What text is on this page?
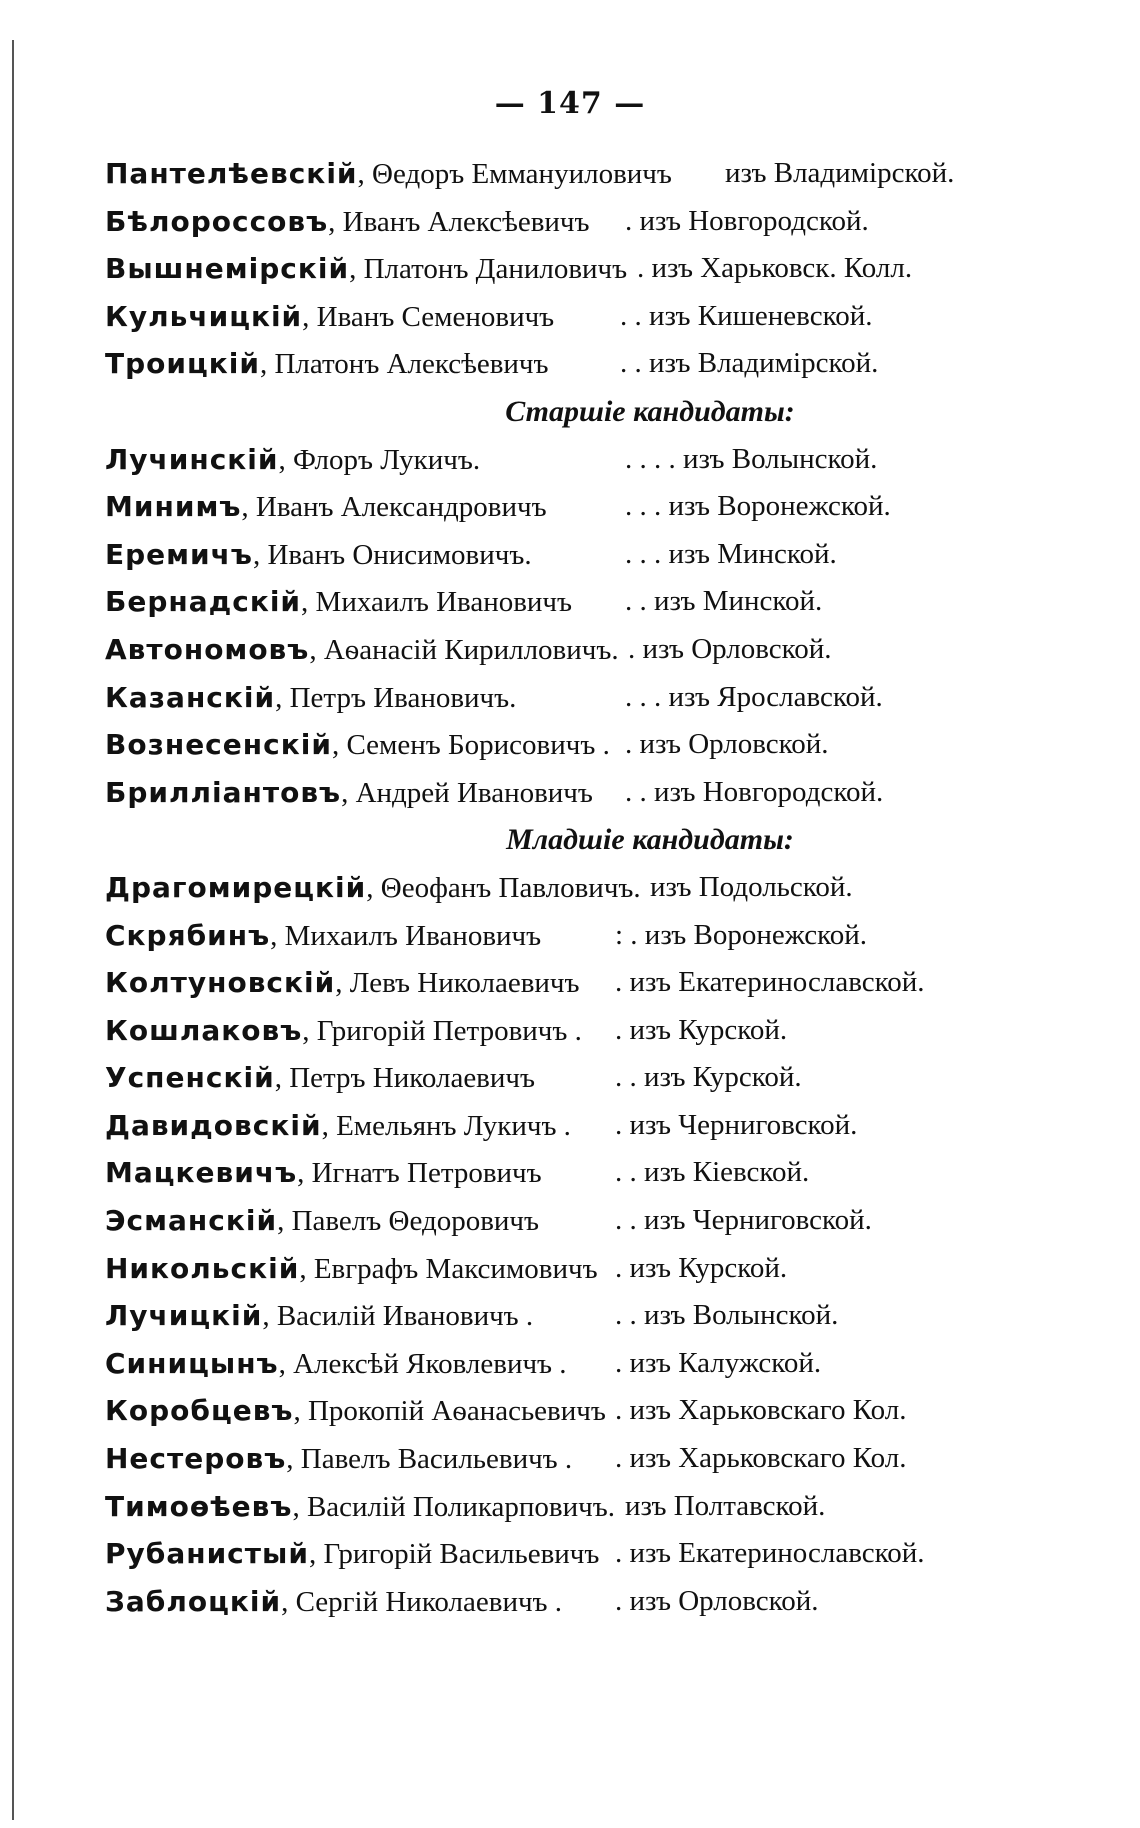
— 147 —
Пантелѣевскій, Θедоръ Еммануиловичъ изъ Владимірской.
Бѣлороссовъ, Иванъ Алексѣевичъ . изъ Новгородской.
Вышнемірскій, Платонъ Даниловичъ . изъ Харьковск. Колл.
Кульчицкій, Иванъ Семеновичъ . . изъ Кишеневской.
Троицкій, Платонъ Алексѣевичъ . . изъ Владимірской.
Старшіе кандидаты:
Лучинскій, Флоръ Лукичъ.	. . . . изъ Волынской.
Минимъ, Иванъ Александровичъ	. . . изъ Воронежской.
Еремичъ, Иванъ Онисимовичъ.	. . . изъ Минской.
Бернадскій, Михаилъ Ивановичъ . . изъ Минской.
Автономовъ, Аѳанасій Кирилловичъ. . изъ Орловской.
Казанскій, Петръ Ивановичъ.	. . . изъ Ярославской.
Вознесенскій, Семенъ Борисовичъ . . изъ Орловской.
Брилліантовъ, Андрей Ивановичъ . . изъ Новгородской.
Младшіе кандидаты:
Драгомирецкій, Θеофанъ Павловичъ. изъ Подольской.
Скрябинъ, Михаилъ Ивановичъ	: . изъ Воронежской.
Колтуновскій, Левъ Николаевичъ . изъ Екатеринославской.
Кошлаковъ, Григорій Петровичъ . . изъ Курской.
Успенскій, Петръ Николаевичъ	. . изъ Курской.
Давидовскій, Емельянъ Лукичъ . . изъ Черниговской.
Мацкевичъ, Игнатъ Петровичъ	. . изъ Кіевской.
Эсманскій, Павелъ Θедоровичъ	. . изъ Черниговской.
Никольскій, Евграфъ Максимовичъ . изъ Курской.
Лучицкій, Василій Ивановичъ .	. . изъ Волынской.
Синицынъ, Алексѣй Яковлевичъ . . изъ Калужской.
Коробцевъ, Прокопій Аѳанасьевичъ . изъ Харьковскаго Кол.
Нестеровъ, Павелъ Васильевичъ . . изъ Харьковскаго Кол.
Тимоѳѣевъ, Василій Поликарповичъ. изъ Полтавской.
Рубанистый, Григорій Васильевичъ . изъ Екатеринославской.
Заблоцкій, Сергій Николаевичъ . . изъ Орловской.
